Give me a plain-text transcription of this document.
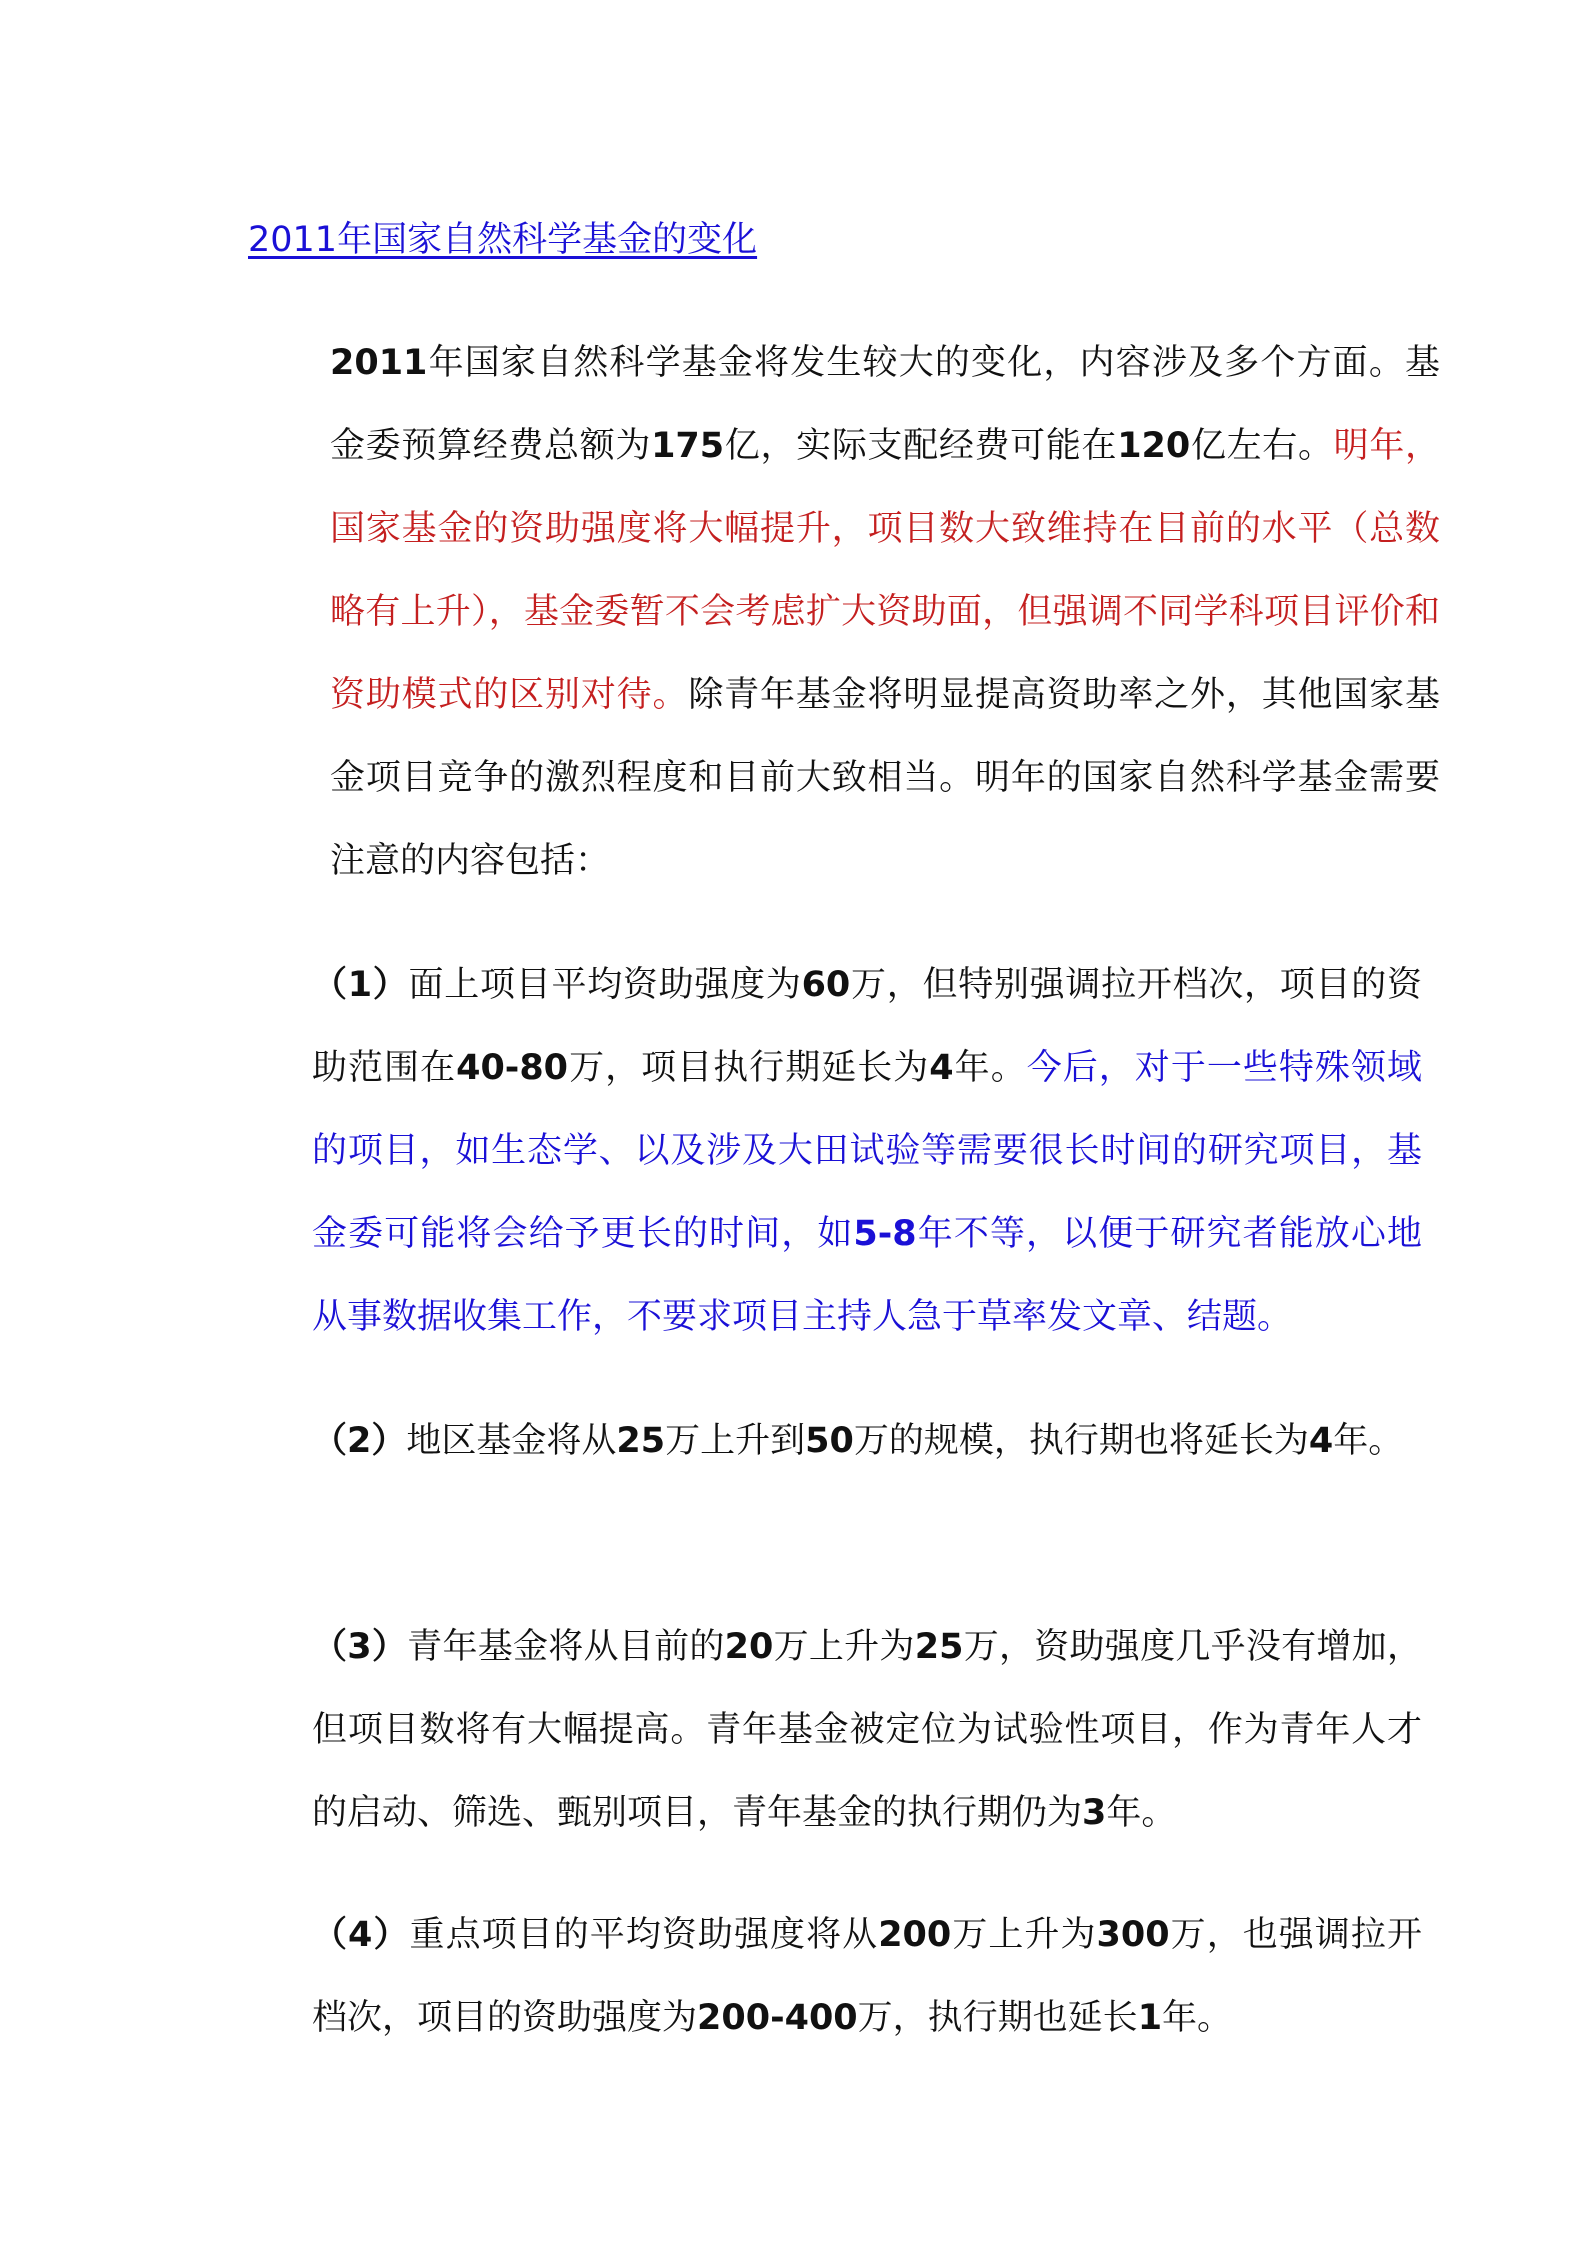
2011年国家自然科学基金的变化

2011年国家自然科学基金将发生较大的变化，内容涉及多个方面。基金委预算经费总额为175亿，实际支配经费可能在120亿左右。明年，国家基金的资助强度将大幅提升，项目数大致维持在目前的水平（总数略有上升），基金委暂不会考虑扩大资助面，但强调不同学科项目评价和资助模式的区别对待。除青年基金将明显提高资助率之外，其他国家基金项目竞争的激烈程度和目前大致相当。明年的国家自然科学基金需要注意的内容包括：

（1）面上项目平均资助强度为60万，但特别强调拉开档次，项目的资助范围在40-80万，项目执行期延长为4年。今后，对于一些特殊领域的项目，如生态学、以及涉及大田试验等需要很长时间的研究项目，基金委可能将会给予更长的时间，如5-8年不等，以便于研究者能放心地从事数据收集工作，不要求项目主持人急于草率发文章、结题。

（2）地区基金将从25万上升到50万的规模，执行期也将延长为4年。

（3）青年基金将从目前的20万上升为25万，资助强度几乎没有增加，但项目数将有大幅提高。青年基金被定位为试验性项目，作为青年人才的启动、筛选、甄别项目，青年基金的执行期仍为3年。

（4）重点项目的平均资助强度将从200万上升为300万，也强调拉开档次，项目的资助强度为200-400万，执行期也延长1年。
